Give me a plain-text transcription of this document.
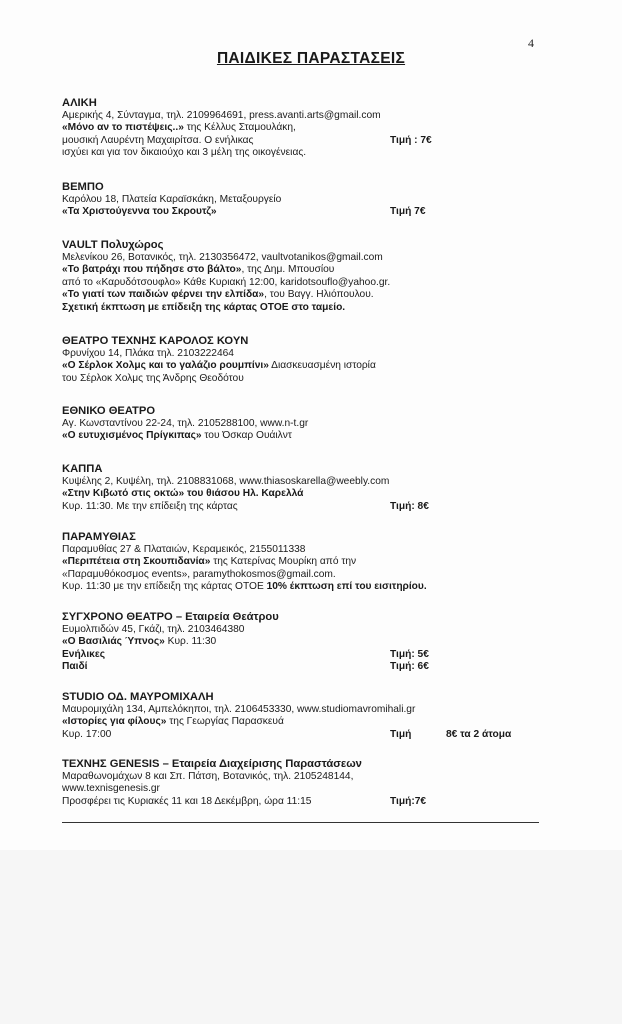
4
ΠΑΙΔΙΚΕΣ ΠΑΡΑΣΤΑΣΕΙΣ
ΑΛΙΚΗ
Αμερικής 4, Σύνταγμα, τηλ. 2109964691, press.avanti.arts@gmail.com
«Μόνο αν το πιστέψεις..» της Κέλλυς Σταμουλάκη,
μουσική Λαυρέντη Μαχαιρίτσα. Ο ενήλικας	Τιμή : 7€
ισχύει και για τον δικαιούχο και 3 μέλη της οικογένειας.
ΒΕΜΠΟ
Καρόλου 18, Πλατεία Καραϊσκάκη, Μεταξουργείο
«Τα Χριστούγεννα του Σκρουτζ»	Τιμή 7€
VAULT Πολυχώρος
Μελενίκου 26, Βοτανικός, τηλ. 2130356472, vaultvotanikos@gmail.com
«Το βατράχι που πήδησε στο βάλτο», της Δημ. Μπουσίου
από το «Καρυδότσουφλο» Κάθε Κυριακή 12:00, karidotsouflo@yahoo.gr.
«Το γιατί των παιδιών φέρνει την ελπίδα», του Βαγγ. Ηλιόπουλου.
Σχετική έκπτωση με επίδειξη της κάρτας ΟΤΟΕ στο ταμείο.
ΘΕΑΤΡΟ ΤΕΧΝΗΣ ΚΑΡΟΛΟΣ ΚΟΥΝ
Φρυνίχου 14, Πλάκα τηλ. 2103222464
«Ο Σέρλοκ Χολμς και το γαλάζιο ρουμπίνι» Διασκευασμένη ιστορία
του Σέρλοκ Χολμς της Άνδρης Θεοδότου
ΕΘΝΙΚΟ ΘΕΑΤΡΟ
Αγ. Κωνσταντίνου 22-24, τηλ. 2105288100, www.n-t.gr
«Ο ευτυχισμένος Πρίγκιπας» του Όσκαρ Ουάιλντ
ΚΑΠΠΑ
Κυψέλης 2, Κυψέλη, τηλ. 2108831068, www.thiasoskarella@weebly.com
«Στην Κιβωτό στις οκτώ» του θιάσου Ηλ. Καρελλά
Κυρ. 11:30. Με την επίδειξη της κάρτας	Τιμή: 8€
ΠΑΡΑΜΥΘΙΑΣ
Παραμυθίας 27 & Πλαταιών, Κεραμεικός, 2155011338
«Περιπέτεια στη Σκουπιδανία» της Κατερίνας Μουρίκη από την
«Παραμυθόκοσμος events», paramythokosmos@gmail.com.
Κυρ. 11:30 με την επίδειξη της κάρτας ΟΤΟΕ 10% έκπτωση επί του εισιτηρίου.
ΣΥΓΧΡΟΝΟ ΘΕΑΤΡΟ – Εταιρεία Θεάτρου
Ευμολπιδών 45, Γκάζι, τηλ. 2103464380
«Ο Βασιλιάς Ύπνος» Κυρ. 11:30
Ενήλικες	Τιμή: 5€
Παιδί	Τιμή: 6€
STUDIO ΟΔ. ΜΑΥΡΟΜΙΧΑΛΗ
Μαυρομιχάλη 134, Αμπελόκηποι, τηλ. 2106453330, www.studiomavromihali.gr
«Ιστορίες για φίλους» της Γεωργίας Παρασκευά
Κυρ. 17:00	Τιμή	8€ τα 2 άτομα
ΤΕΧΝΗΣ GENESIS – Εταιρεία Διαχείρισης Παραστάσεων
Μαραθωνομάχων 8 και Σπ. Πάτση, Βοτανικός, τηλ. 2105248144,
www.texnisgenesis.gr
Προσφέρει τις Κυριακές 11 και 18 Δεκέμβρη, ώρα 11:15	Τιμή:7€
